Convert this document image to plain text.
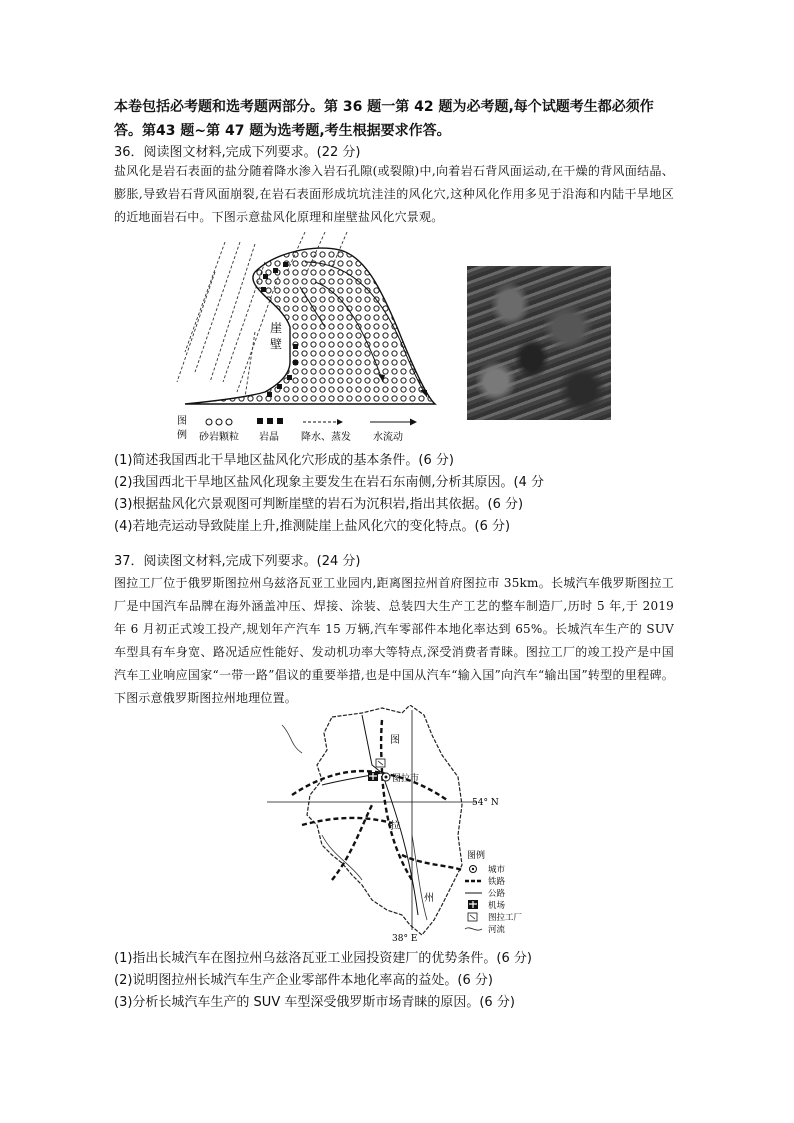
本卷包括必考题和选考题两部分。第 36 题一第 42 题为必考题,每个试题考生都必须作
答。第43 题~第 47 题为选考题,考生根据要求作答。
36．阅读图文材料,完成下列要求。(22 分)
盐风化是岩石表面的盐分随着降水渗入岩石孔隙(或裂隙)中,向着岩石背风面运动,在干燥的背风面结晶、膨胀,导致岩石背风面崩裂,在岩石表面形成坑坑洼洼的风化穴,这种风化作用多见于沿海和内陆干旱地区的近地面岩石中。下图示意盐风化原理和崖壁盐风化穴景观。
崖
壁
图
例 砂岩颗粒 岩晶 降水、蒸发 水流动
(1)简述我国西北干旱地区盐风化穴形成的基本条件。(6 分)
(2)我国西北干旱地区盐风化现象主要发生在岩石东南侧,分析其原因。(4 分
(3)根据盐风化穴景观图可判断崖壁的岩石为沉积岩,指出其依据。(6 分)
(4)若地壳运动导致陡崖上升,推测陡崖上盐风化穴的变化特点。(6 分)
37．阅读图文材料,完成下列要求。(24 分)
图拉工厂位于俄罗斯图拉州乌兹洛瓦亚工业园内,距离图拉州首府图拉市 35km。长城汽车俄罗斯图拉工厂是中国汽车品牌在海外涵盖冲压、焊接、涂装、总装四大生产工艺的整车制造厂,历时 5 年,于 2019 年 6 月初正式竣工投产,规划年产汽车 15 万辆,汽车零部件本地化率达到 65%。长城汽车生产的 SUV 车型具有车身宽、路况适应性能好、发动机功率大等特点,深受消费者青睐。图拉工厂的竣工投产是中国汽车工业响应国家“一带一路”倡议的重要举措,也是中国从汽车“输入国”向汽车“输出国”转型的里程碑。下图示意俄罗斯图拉州地理位置。
图拉市
图
拉
州
54° N
38° E
图例
城市
铁路
公路
机场
图拉工厂
河流
(1)指出长城汽车在图拉州乌兹洛瓦亚工业园投资建厂的优势条件。(6 分)
(2)说明图拉州长城汽车生产企业零部件本地化率高的益处。(6 分)
(3)分析长城汽车生产的 SUV 车型深受俄罗斯市场青睐的原因。(6 分)
